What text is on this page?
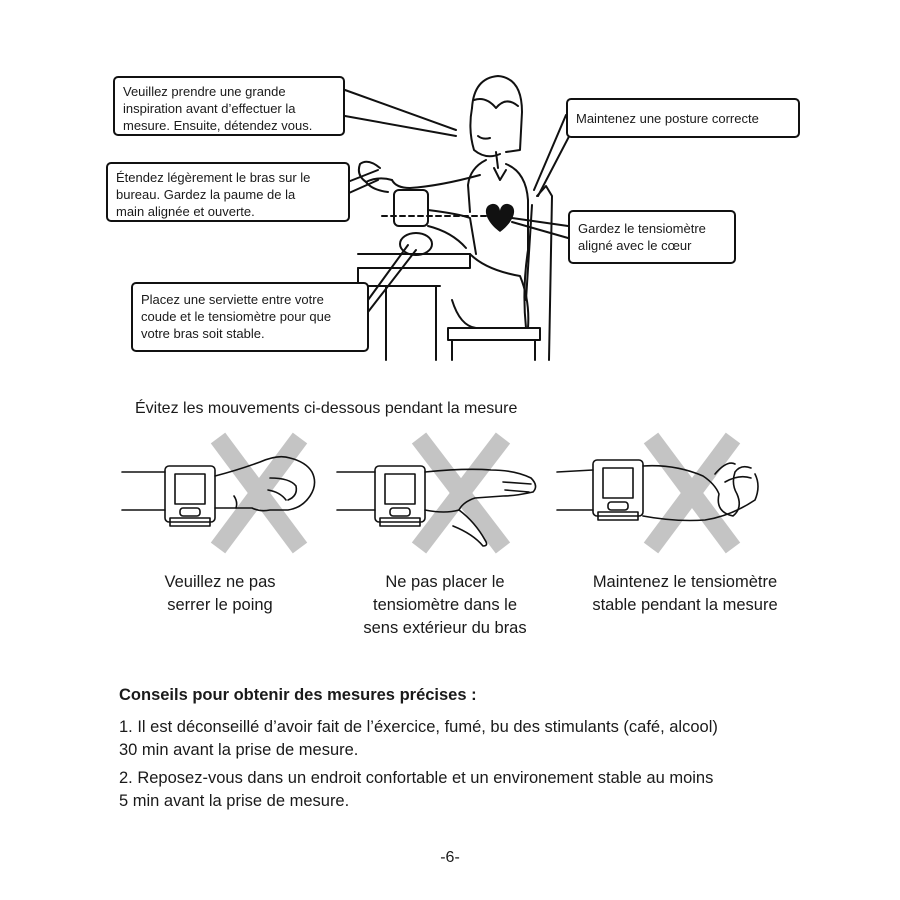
Veuillez prendre une grande
inspiration avant d’effectuer la
mesure. Ensuite, détendez vous.
Étendez légèrement le bras sur le
bureau. Gardez la paume de la
main alignée et ouverte.
Placez une serviette entre votre
coude et le tensiomètre pour que
votre bras soit stable.
Maintenez une posture correcte
Gardez le tensiomètre
aligné avec le cœur
Évitez les mouvements ci-dessous pendant la mesure
Veuillez ne pas
serrer le poing
Ne pas placer le
tensiomètre dans le
sens extérieur du bras
Maintenez le tensiomètre
stable pendant la mesure
Conseils pour obtenir des mesures précises :
1. Il est déconseillé d’avoir fait de l’éxercice, fumé, bu des stimulants (café, alcool)
30 min avant la prise de mesure.
2. Reposez-vous dans un endroit confortable et un environement stable au moins
5 min avant la prise de mesure.
-6-
